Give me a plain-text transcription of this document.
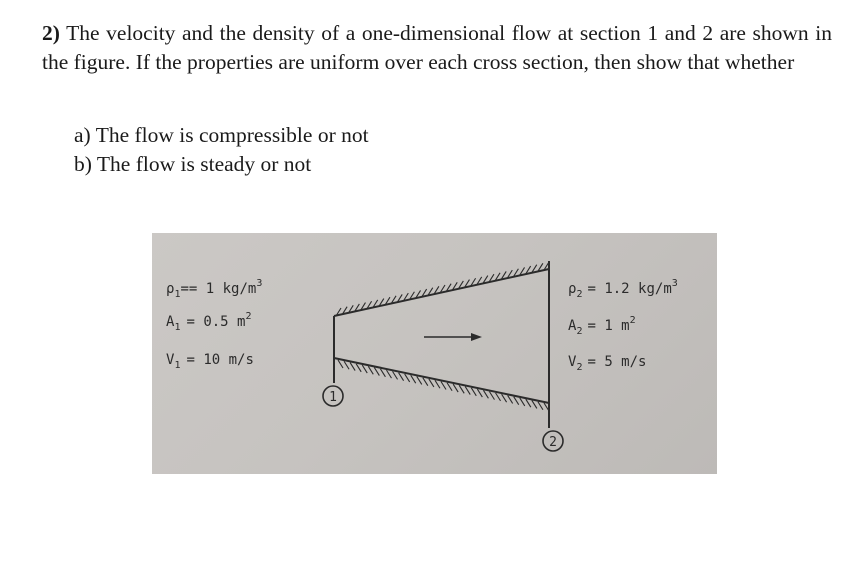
2) The velocity and the density of a one-dimensional flow at section 1 and 2 are shown in the figure. If the properties are uniform over each cross section, then show that whether
a) The flow is compressible or not
b) The flow is steady or not
1
2
$\rho_1== 1$ $kg/m^3$
$A_1 = 0.5$ $m^2$
$V_1 = 10$ m/s
$\rho_2 = 1.2$ $kg/m^3$
$A_2 = 1$ $m^2$
$V_2 = 5$ m/s
